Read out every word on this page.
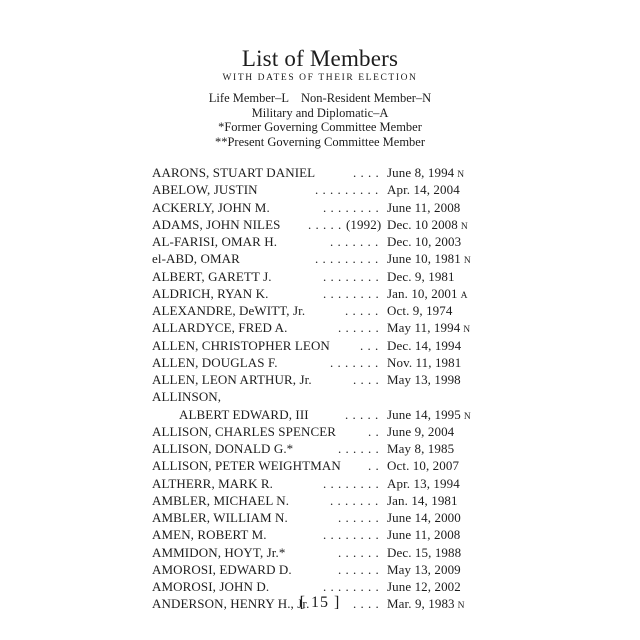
List of Members
WITH DATES OF THEIR ELECTION
Life Member–L    Non-Resident Member–N
Military and Diplomatic–A
*Former Governing Committee Member
**Present Governing Committee Member
AARONS, STUART DANIEL	. . . . June 8, 1994 N
ABELOW, JUSTIN	. . . . . . . . . Apr. 14, 2004
ACKERLY, JOHN M.	. . . . . . . . June 11, 2008
ADAMS, JOHN NILES . . . . . (1992) Dec. 10 2008 N
AL-FARISI, OMAR H.	. . . . . . . Dec. 10, 2003
el-ABD, OMAR	. . . . . . . . . June 10, 1981 N
ALBERT, GARETT J.	. . . . . . . . Dec. 9, 1981
ALDRICH, RYAN K.	. . . . . . . . Jan. 10, 2001 A
ALEXANDRE, DeWITT, Jr.	. . . . . Oct. 9, 1974
ALLARDYCE, FRED A.	. . . . . . May 11, 1994 N
ALLEN, CHRISTOPHER LEON . . . Dec. 14, 1994
ALLEN, DOUGLAS F.	. . . . . . . Nov. 11, 1981
ALLEN, LEON ARTHUR, Jr.	. . . . May 13, 1998
ALLINSON,
ALBERT EDWARD, III	. . . . . June 14, 1995 N
ALLISON, CHARLES SPENCER . . June 9, 2004
ALLISON, DONALD G.*	. . . . . . May 8, 1985
ALLISON, PETER WEIGHTMAN . . Oct. 10, 2007
ALTHERR, MARK R.	. . . . . . . . Apr. 13, 1994
AMBLER, MICHAEL N.	. . . . . . . Jan. 14, 1981
AMBLER, WILLIAM N.	. . . . . . June 14, 2000
AMEN, ROBERT M.	. . . . . . . . June 11, 2008
AMMIDON, HOYT, Jr.*	. . . . . . Dec. 15, 1988
AMOROSI, EDWARD D.	. . . . . . May 13, 2009
AMOROSI, JOHN D.	. . . . . . . . June 12, 2002
ANDERSON, HENRY H., Jr.	. . . . Mar. 9, 1983 N
[ 15 ]
